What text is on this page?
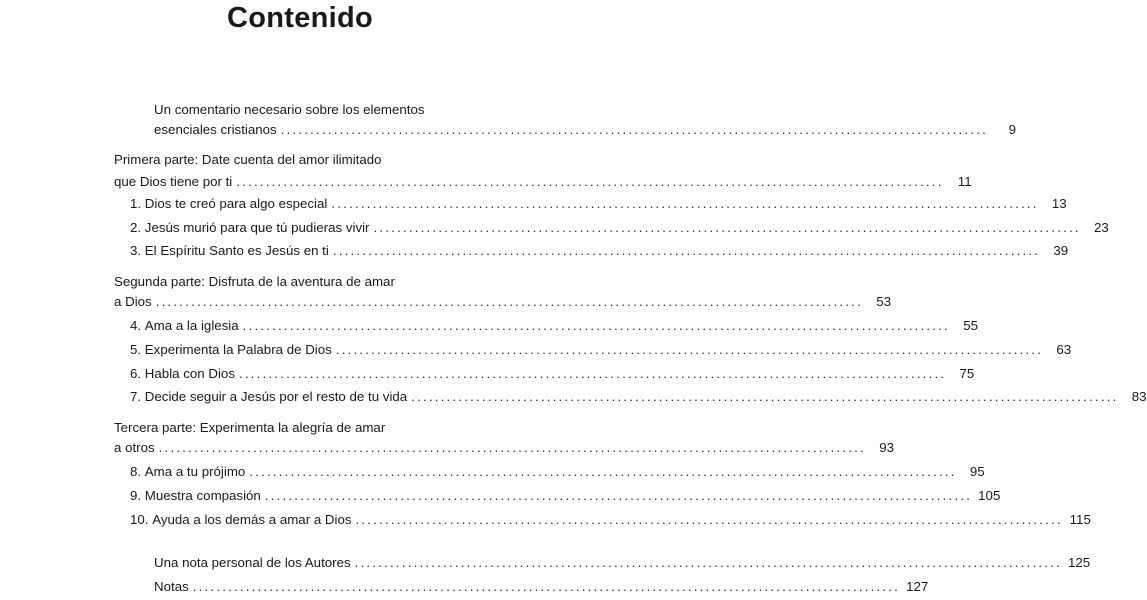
Contenido
Un comentario necesario sobre los elementos
esenciales cristianos ........................................................................................................................	9
Primera parte: Date cuenta del amor ilimitado
que Dios tiene por ti ........................................................................................................................	11
1.
Dios te creó para algo especial ........................................................................................................................ 13
2.
Jesús murió para que tú pudieras vivir ........................................................................................................................ 23
3.
El Espíritu Santo es Jesús en ti ........................................................................................................................ 39
Segunda parte: Disfruta de la aventura de amar
a Dios ........................................................................................................................ 53
4.
Ama a la iglesia ........................................................................................................................ 55
5.
Experimenta la Palabra de Dios ........................................................................................................................ 63
6.
Habla con Dios ........................................................................................................................ 75
7.
Decide seguir a Jesús por el resto de tu vida ........................................................................................................................ 83
Tercera parte: Experimenta la alegría de amar
a otros ........................................................................................................................ 93
8.
Ama a tu prójimo ........................................................................................................................ 95
9.
Muestra compasión ........................................................................................................................ 105
10.
Ayuda a los demás a amar a Dios ........................................................................................................................ 115
Una nota personal de los Autores ........................................................................................................................ 125
Notas ........................................................................................................................ 127
